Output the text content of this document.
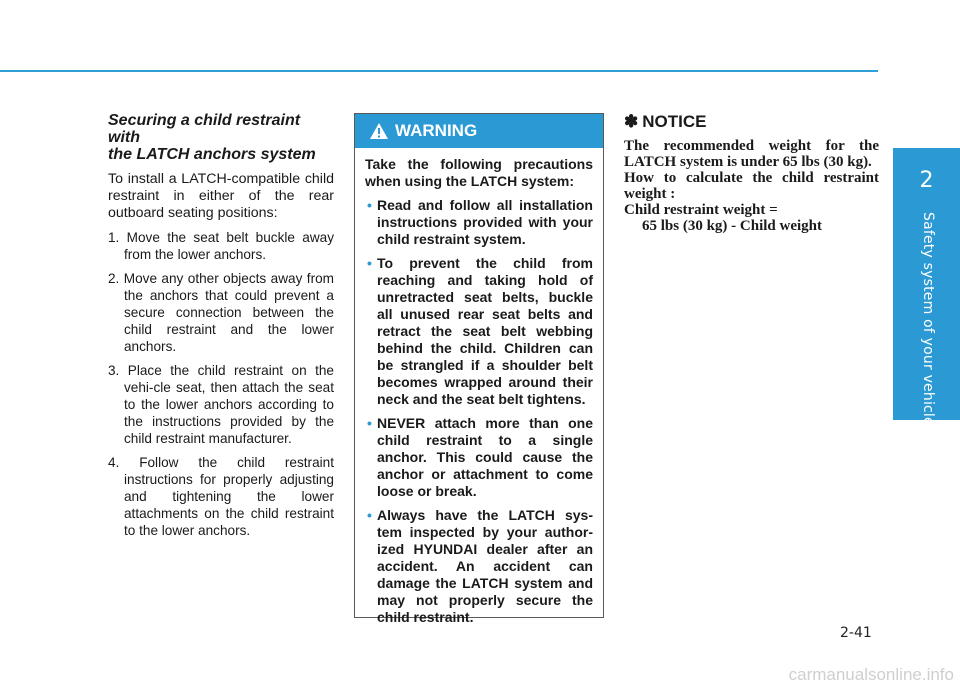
2
Safety system of your vehicle
Securing a child restraint with
the LATCH anchors system

To install a LATCH-compatible child restraint in either of the rear outboard seating positions:

1. Move the seat belt buckle away from the lower anchors.
2. Move any other objects away from the anchors that could prevent a secure connection between the child restraint and the lower anchors.
3. Place the child restraint on the vehi-cle seat, then attach the seat to the lower anchors according to the instructions provided by the child restraint manufacturer.
4. Follow the child restraint instructions for properly adjusting and tightening the lower attachments on the child restraint to the lower anchors.
WARNING

Take the following precautions when using the LATCH system:

• Read and follow all installation instructions provided with your child restraint system.
• To prevent the child from reaching and taking hold of unretracted seat belts, buckle all unused rear seat belts and retract the seat belt webbing behind the child. Children can be strangled if a shoulder belt becomes wrapped around their neck and the seat belt tightens.
• NEVER attach more than one child restraint to a single anchor. This could cause the anchor or attachment to come loose or break.
• Always have the LATCH sys-tem inspected by your author-ized HYUNDAI dealer after an accident. An accident can damage the LATCH system and may not properly secure the child restraint.
✽ NOTICE

The recommended weight for the LATCH system is under 65 lbs (30 kg).

How to calculate the child restraint weight :

Child restraint weight =

65 lbs (30 kg) - Child weight

2-41
carmanualsonline.info
